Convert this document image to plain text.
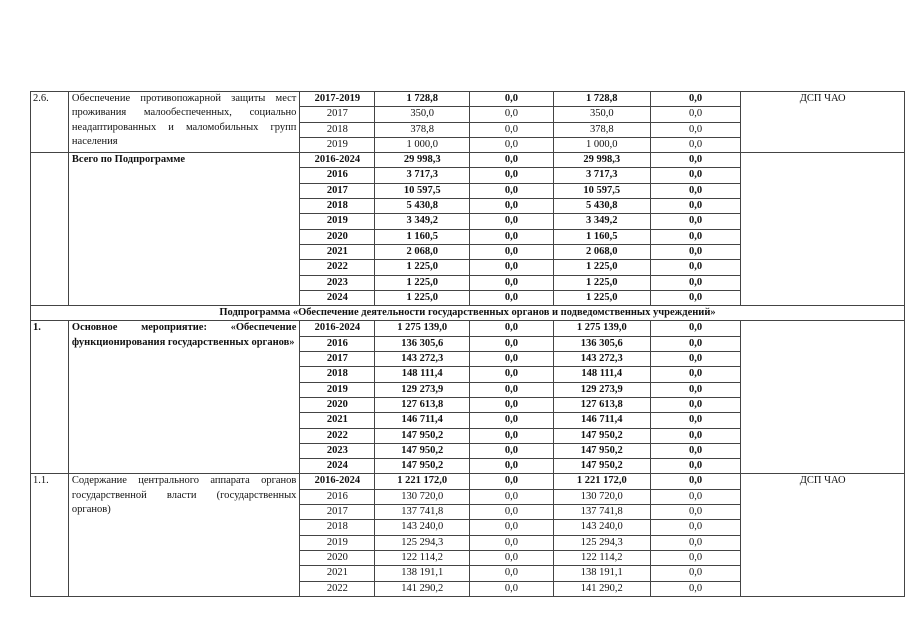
2.6.	Обеспечение противопожарной защиты мест проживания малообеспеченных, социально неадаптированных и маломобильных групп населения	2017-2019	1 728,8	0,0	1 728,8	0,0	ДСП ЧАО
		2017	350,0	0,0	350,0	0,0	
		2018	378,8	0,0	378,8	0,0	
		2019	1 000,0	0,0	1 000,0	0,0	
	Всего по Подпрограмме	2016-2024	29 998,3	0,0	29 998,3	0,0	
		2016	3 717,3	0,0	3 717,3	0,0	
		2017	10 597,5	0,0	10 597,5	0,0	
		2018	5 430,8	0,0	5 430,8	0,0	
		2019	3 349,2	0,0	3 349,2	0,0	
		2020	1 160,5	0,0	1 160,5	0,0	
		2021	2 068,0	0,0	2 068,0	0,0	
		2022	1 225,0	0,0	1 225,0	0,0	
		2023	1 225,0	0,0	1 225,0	0,0	
		2024	1 225,0	0,0	1 225,0	0,0	
Подпрограмма «Обеспечение деятельности государственных органов и подведомственных учреждений»							
1.	Основное мероприятие: «Обеспечение функционирования государственных органов»	2016-2024	1 275 139,0	0,0	1 275 139,0	0,0	
		2016	136 305,6	0,0	136 305,6	0,0	
		2017	143 272,3	0,0	143 272,3	0,0	
		2018	148 111,4	0,0	148 111,4	0,0	
		2019	129 273,9	0,0	129 273,9	0,0	
		2020	127 613,8	0,0	127 613,8	0,0	
		2021	146 711,4	0,0	146 711,4	0,0	
		2022	147 950,2	0,0	147 950,2	0,0	
		2023	147 950,2	0,0	147 950,2	0,0	
		2024	147 950,2	0,0	147 950,2	0,0	
1.1.	Содержание центрального аппарата органов государственной власти (государственных органов)	2016-2024	1 221 172,0	0,0	1 221 172,0	0,0	ДСП ЧАО
		2016	130 720,0	0,0	130 720,0	0,0	
		2017	137 741,8	0,0	137 741,8	0,0	
		2018	143 240,0	0,0	143 240,0	0,0	
		2019	125 294,3	0,0	125 294,3	0,0	
		2020	122 114,2	0,0	122 114,2	0,0	
		2021	138 191,1	0,0	138 191,1	0,0	
		2022	141 290,2	0,0	141 290,2	0,0	
